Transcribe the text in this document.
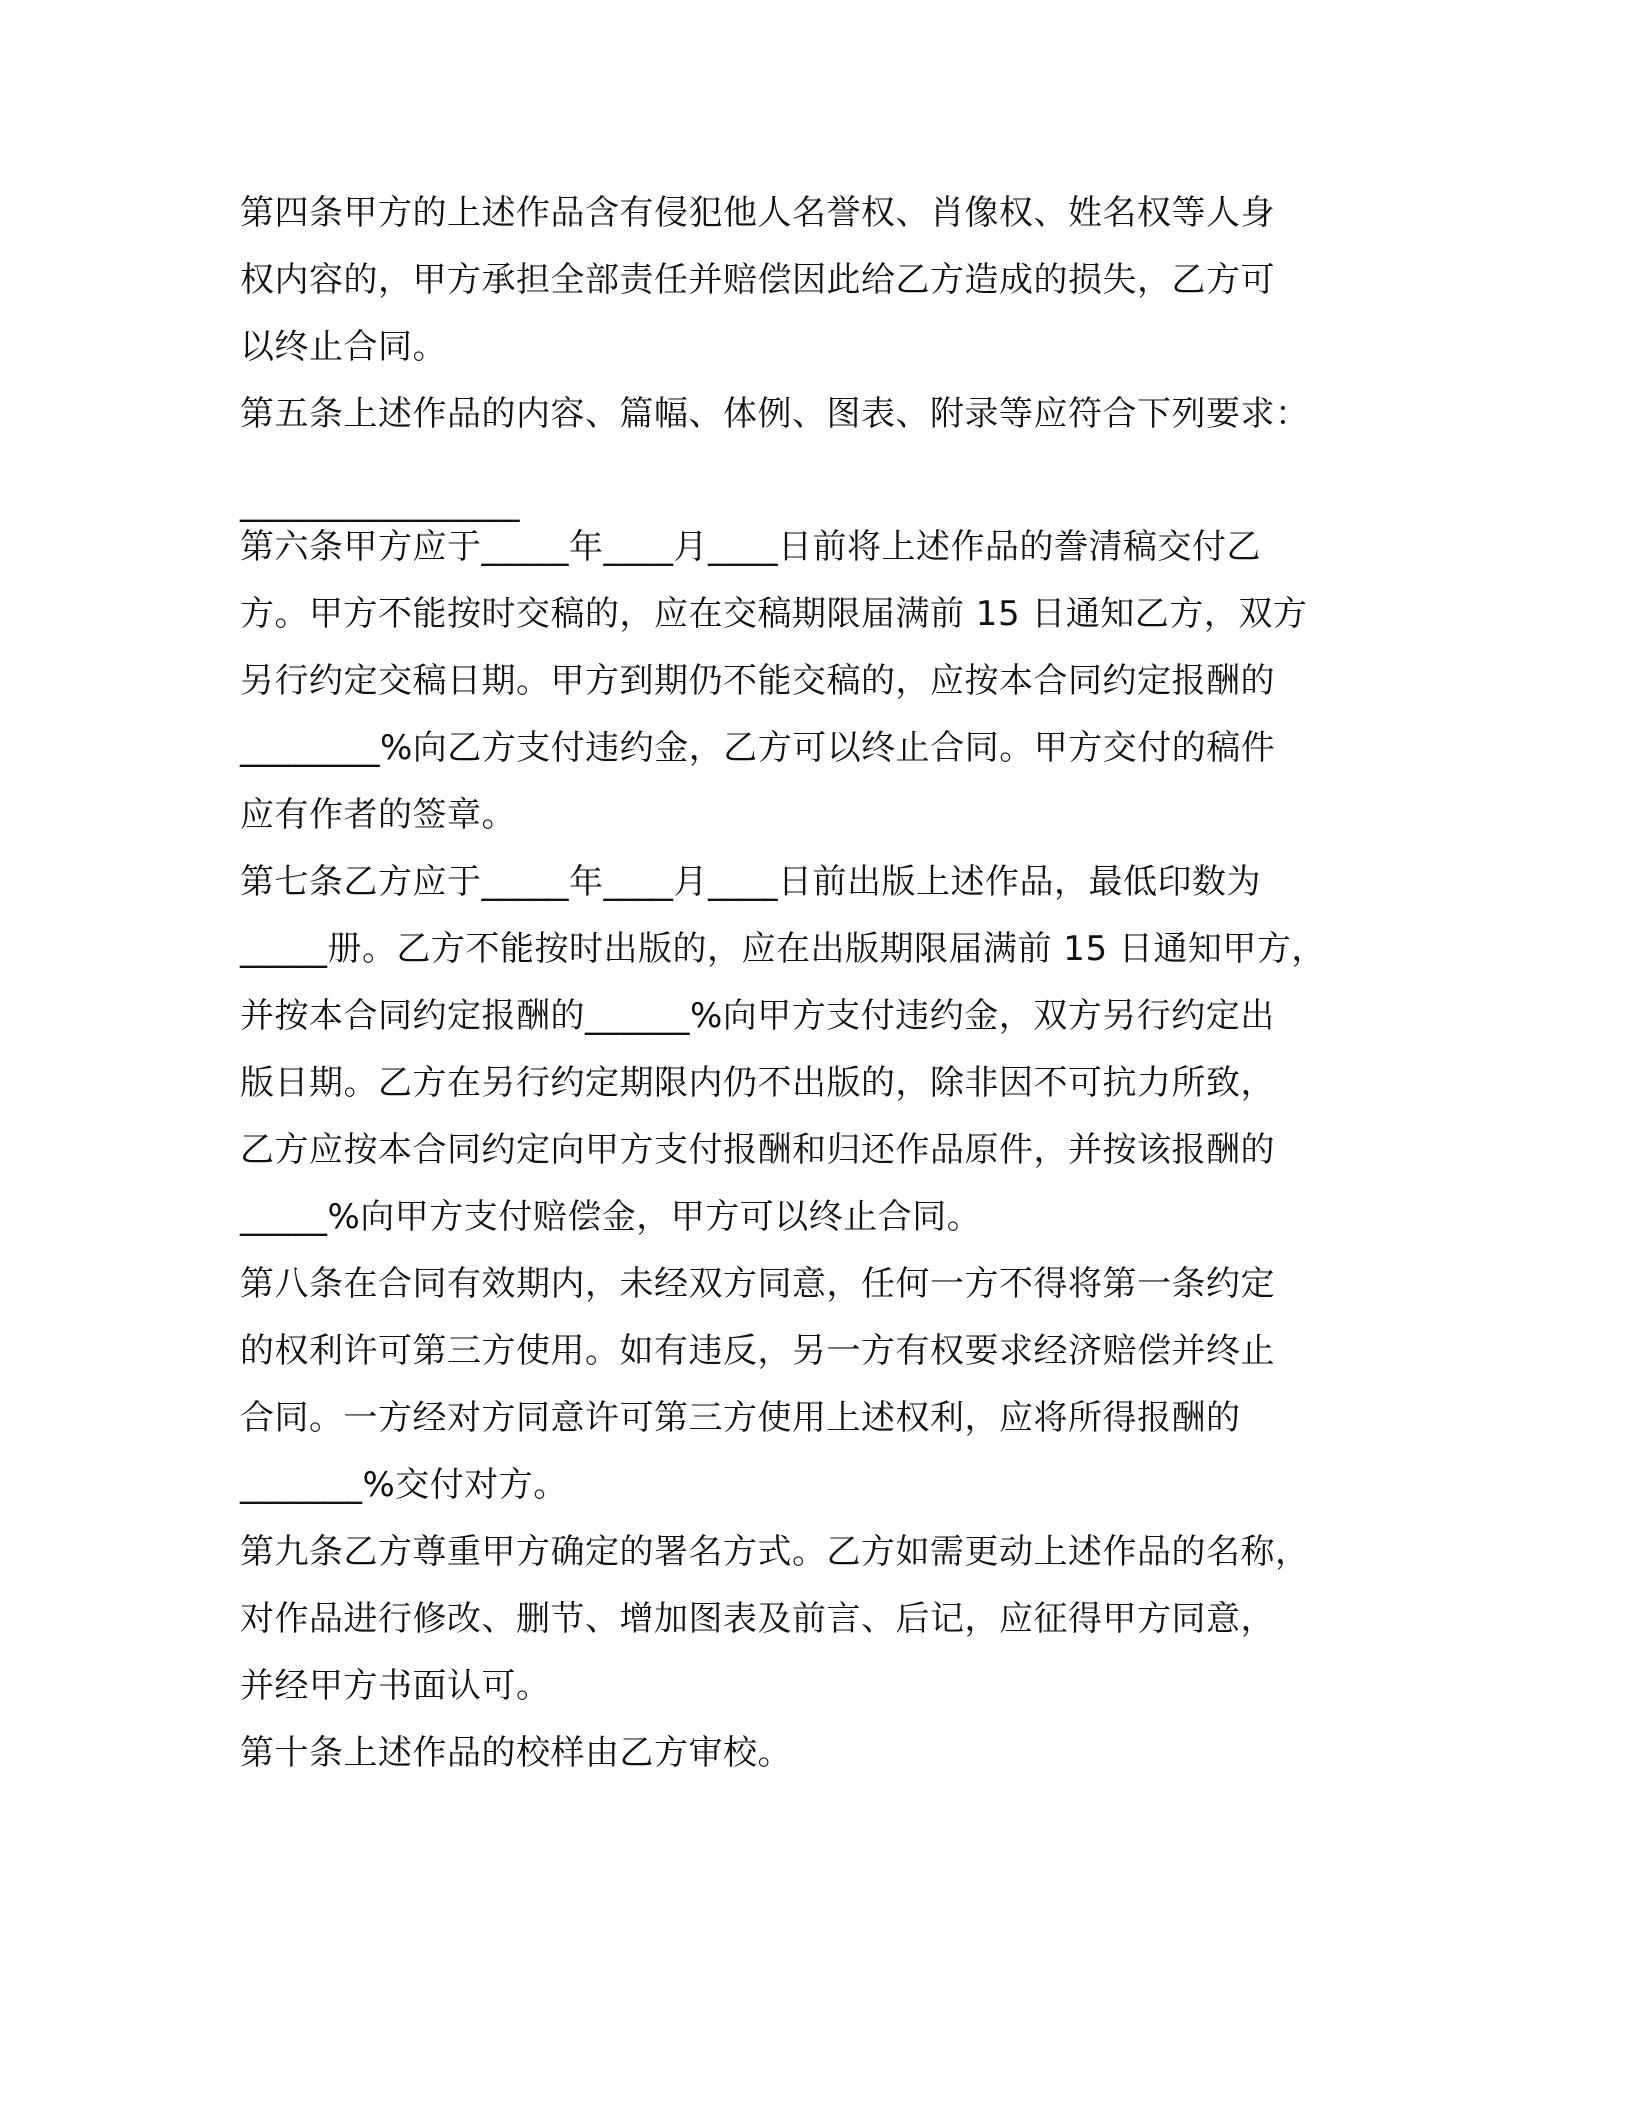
第四条甲方的上述作品含有侵犯他人名誉权、肖像权、姓名权等人身

权内容的，甲方承担全部责任并赔偿因此给乙方造成的损失，乙方可

以终止合同。

第五条上述作品的内容、篇幅、体例、图表、附录等应符合下列要求：

________________

第六条甲方应于_____年____月____日前将上述作品的誊清稿交付乙

方。甲方不能按时交稿的，应在交稿期限届满前 15 日通知乙方，双方

另行约定交稿日期。甲方到期仍不能交稿的，应按本合同约定报酬的

________%向乙方支付违约金，乙方可以终止合同。甲方交付的稿件

应有作者的签章。

第七条乙方应于_____年____月____日前出版上述作品，最低印数为

_____册。乙方不能按时出版的，应在出版期限届满前 15 日通知甲方，

并按本合同约定报酬的______%向甲方支付违约金，双方另行约定出

版日期。乙方在另行约定期限内仍不出版的，除非因不可抗力所致，

乙方应按本合同约定向甲方支付报酬和归还作品原件，并按该报酬的

_____%向甲方支付赔偿金，甲方可以终止合同。

第八条在合同有效期内，未经双方同意，任何一方不得将第一条约定

的权利许可第三方使用。如有违反，另一方有权要求经济赔偿并终止

合同。一方经对方同意许可第三方使用上述权利，应将所得报酬的

_______%交付对方。

第九条乙方尊重甲方确定的署名方式。乙方如需更动上述作品的名称，

对作品进行修改、删节、增加图表及前言、后记，应征得甲方同意，

并经甲方书面认可。

第十条上述作品的校样由乙方审校。
